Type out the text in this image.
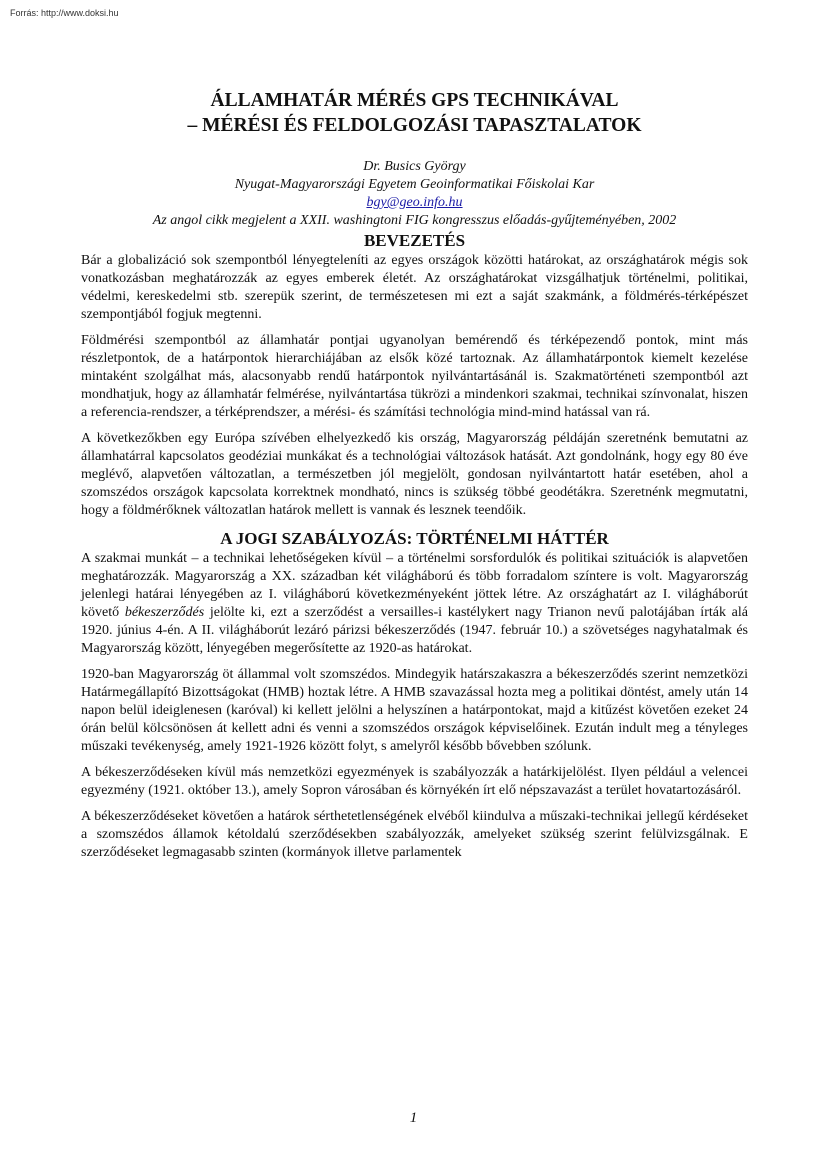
Forrás: http://www.doksi.hu
ÁLLAMHATÁR MÉRÉS GPS TECHNIKÁVAL
– MÉRÉSI ÉS FELDOLGOZÁSI TAPASZTALATOK
Dr. Busics György
Nyugat-Magyarországi Egyetem Geoinformatikai Főiskolai Kar
bgy@geo.info.hu
Az angol cikk megjelent a XXII. washingtoni FIG kongresszus előadás-gyűjteményében, 2002
BEVEZETÉS

Bár a globalizáció sok szempontból lényegteleníti az egyes országok közötti határokat, az országhatárok mégis sok vonatkozásban meghatározzák az egyes emberek életét. Az országhatárokat vizsgálhatjuk történelmi, politikai, védelmi, kereskedelmi stb. szerepük szerint, de természetesen mi ezt a saját szakmánk, a földmérés-térképészet szempontjából fogjuk megtenni.

Földmérési szempontból az államhatár pontjai ugyanolyan bemérendő és térképezendő pontok, mint más részletpontok, de a határpontok hierarchiájában az elsők közé tartoznak. Az államhatárpontok kiemelt kezelése mintaként szolgálhat más, alacsonyabb rendű határpontok nyilvántartásánál is. Szakmatörténeti szempontból azt mondhatjuk, hogy az államhatár felmérése, nyilvántartása tükrözi a mindenkori szakmai, technikai színvonalat, hiszen a referencia-rendszer, a térképrendszer, a mérési- és számítási technológia mind-mind hatással van rá.

A következőkben egy Európa szívében elhelyezkedő kis ország, Magyarország példáján szeretnénk bemutatni az államhatárral kapcsolatos geodéziai munkákat és a technológiai változások hatását. Azt gondolnánk, hogy egy 80 éve meglévő, alapvetően változatlan, a természetben jól megjelölt, gondosan nyilvántartott határ esetében, ahol a szomszédos országok kapcsolata korrektnek mondható, nincs is szükség többé geodétákra. Szeretnénk megmutatni, hogy a földmérőknek változatlan határok mellett is vannak és lesznek teendőik.

A JOGI SZABÁLYOZÁS: TÖRTÉNELMI HÁTTÉR

A szakmai munkát – a technikai lehetőségeken kívül – a történelmi sorsfordulók és politikai szituációk is alapvetően meghatározzák. Magyarország a XX. században két világháború és több forradalom színtere is volt. Magyarország jelenlegi határai lényegében az I. világháború következményeként jöttek létre. Az országhatárt az I. világháborút követő békeszerződés jelölte ki, ezt a szerződést a versailles-i kastélykert nagy Trianon nevű palotájában írták alá 1920. június 4-én. A II. világháborút lezáró párizsi békeszerződés (1947. február 10.) a szövetséges nagyhatalmak és Magyarország között, lényegében megerősítette az 1920-as határokat.

1920-ban Magyarország öt állammal volt szomszédos. Mindegyik határszakaszra a békeszerződés szerint nemzetközi Határmegállapító Bizottságokat (HMB) hoztak létre. A HMB szavazással hozta meg a politikai döntést, amely után 14 napon belül ideiglenesen (karóval) ki kellett jelölni a helyszínen a határpontokat, majd a kitűzést követően ezeket 24 órán belül kölcsönösen át kellett adni és venni a szomszédos országok képviselőinek. Ezután indult meg a tényleges műszaki tevékenység, amely 1921-1926 között folyt, s amelyről később bővebben szólunk.

A békeszerződéseken kívül más nemzetközi egyezmények is szabályozzák a határkijelölést. Ilyen például a velencei egyezmény (1921. október 13.), amely Sopron városában és környékén írt elő népszavazást a terület hovatartozásáról.

A békeszerződéseket követően a határok sérthetetlenségének elvéből kiindulva a műszaki-technikai jellegű kérdéseket a szomszédos államok kétoldalú szerződésekben szabályozzák, amelyeket szükség szerint felülvizsgálnak. E szerződéseket legmagasabb szinten (kormányok illetve parlamentek

1
